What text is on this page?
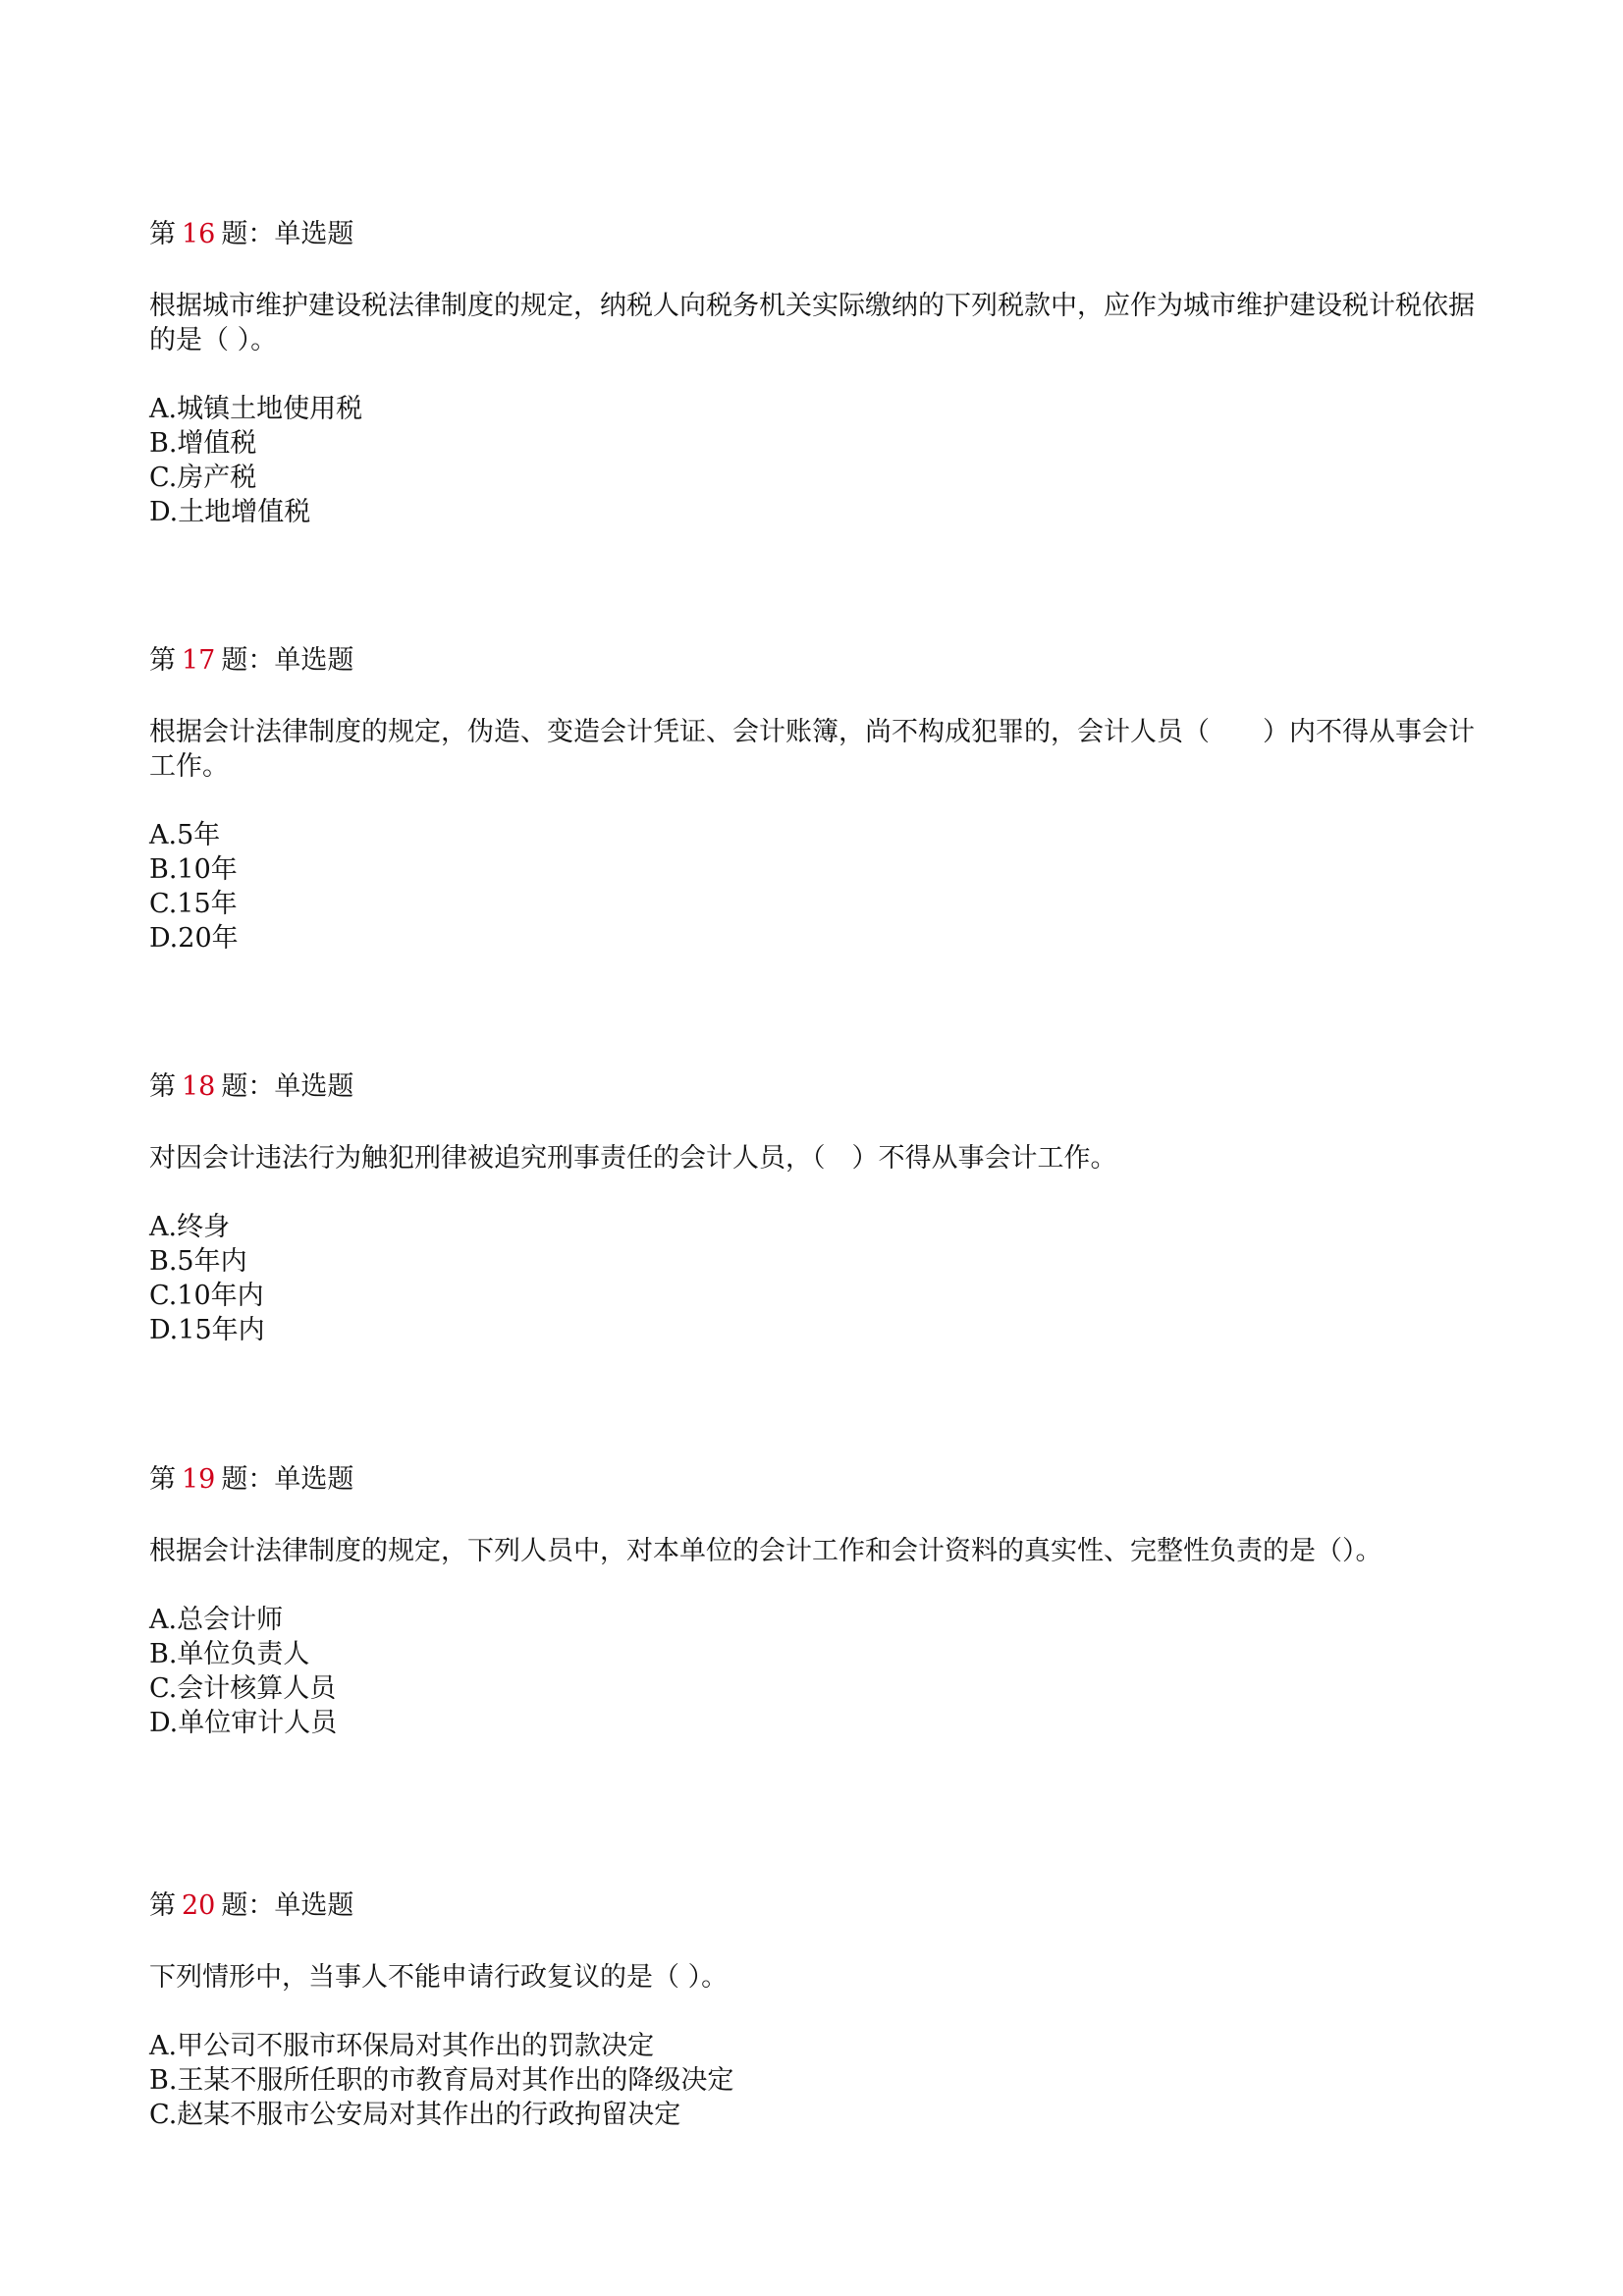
第 16 题：单选题
根据城市维护建设税法律制度的规定，纳税人向税务机关实际缴纳的下列税款中，应作为城市维护建设税计税依据的是（ ）。
A.城镇土地使用税
B.增值税
C.房产税
D.土地增值税
第 17 题：单选题
根据会计法律制度的规定，伪造、变造会计凭证、会计账簿，尚不构成犯罪的，会计人员（　　）内不得从事会计工作。
A.5年
B.10年
C.15年
D.20年
第 18 题：单选题
对因会计违法行为触犯刑律被追究刑事责任的会计人员，（　）不得从事会计工作。
A.终身
B.5年内
C.10年内
D.15年内
第 19 题：单选题
根据会计法律制度的规定，下列人员中，对本单位的会计工作和会计资料的真实性、完整性负责的是（）。
A.总会计师
B.单位负责人
C.会计核算人员
D.单位审计人员
第 20 题：单选题
下列情形中，当事人不能申请行政复议的是（ ）。
A.甲公司不服市环保局对其作出的罚款决定
B.王某不服所任职的市教育局对其作出的降级决定
C.赵某不服市公安局对其作出的行政拘留决定
